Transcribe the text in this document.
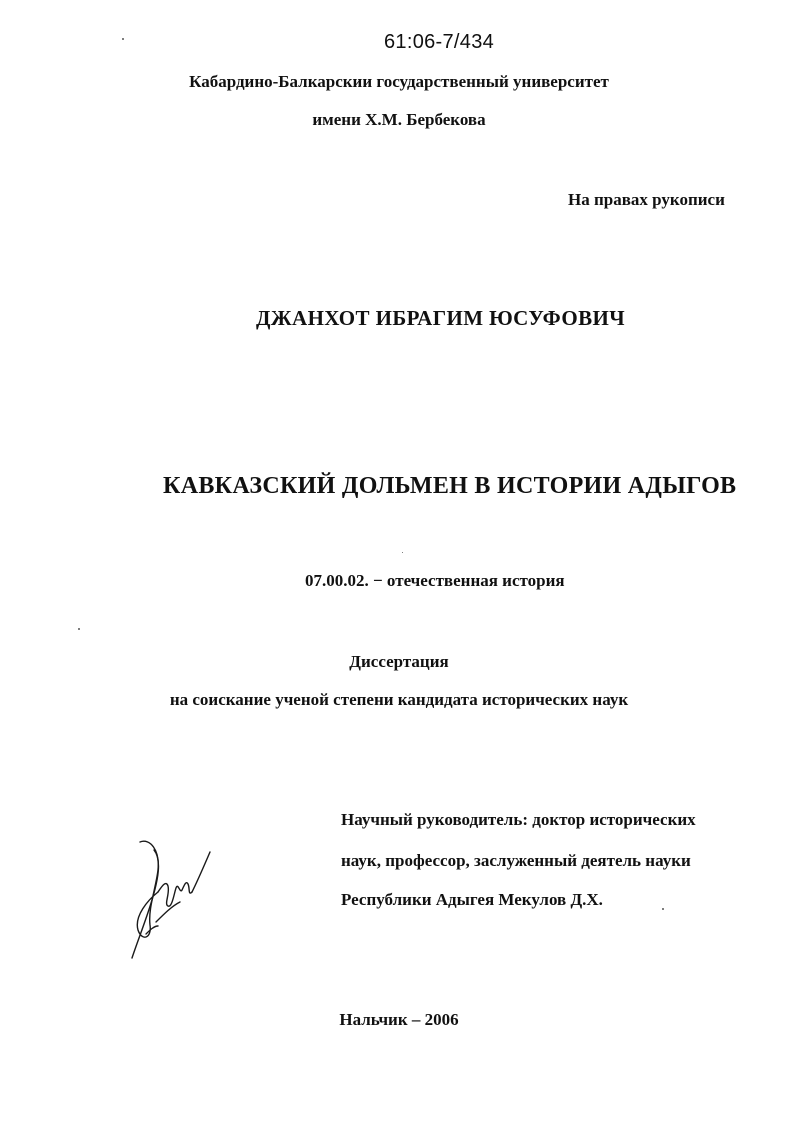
61:06-7/434
Кабардино-Балкарскии государственный университет
имени Х.М. Бербекова
На правах рукописи
ДЖАНХОТ ИБРАГИМ ЮСУФОВИЧ
КАВКАЗСКИЙ ДОЛЬМЕН В ИСТОРИИ АДЫГОВ
07.00.02. − отечественная история
Диссертация
на соискание ученой степени кандидата исторических наук
Научный руководитель: доктор исторических
наук, профессор, заслуженный деятель науки
Республики Адыгея Мекулов Д.Х.
Нальчик – 2006
